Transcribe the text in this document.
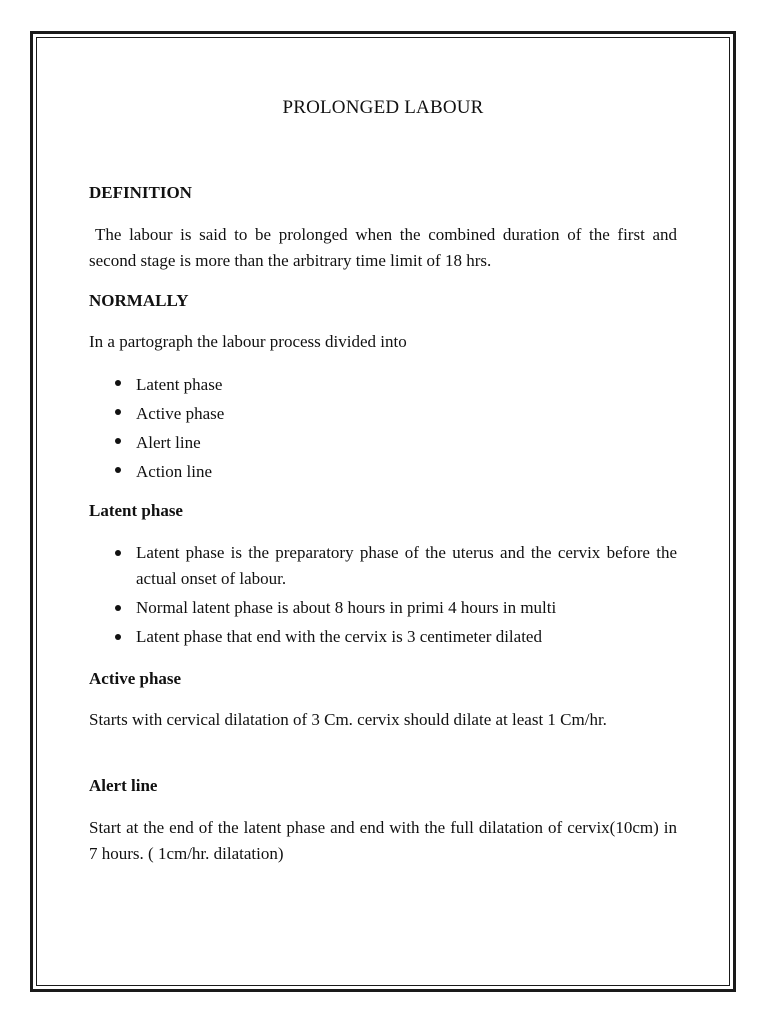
PROLONGED LABOUR
DEFINITION

The labour is said to be prolonged when the combined duration of the first and second stage is more than the arbitrary time limit of 18 hrs.

NORMALLY

In a partograph the labour process divided into

Latent phase
Active phase
Alert line
Action line
Latent phase
Latent phase is the preparatory phase of the uterus and the cervix before the actual onset of labour.
Normal latent phase is about 8 hours in primi 4 hours in multi
Latent phase that end with the cervix is 3 centimeter dilated
Active phase

Starts with cervical dilatation of 3 Cm. cervix should dilate at least 1 Cm/hr.

Alert line

Start at the end of the latent phase and end with the full dilatation of cervix(10cm) in 7 hours. ( 1cm/hr. dilatation)
